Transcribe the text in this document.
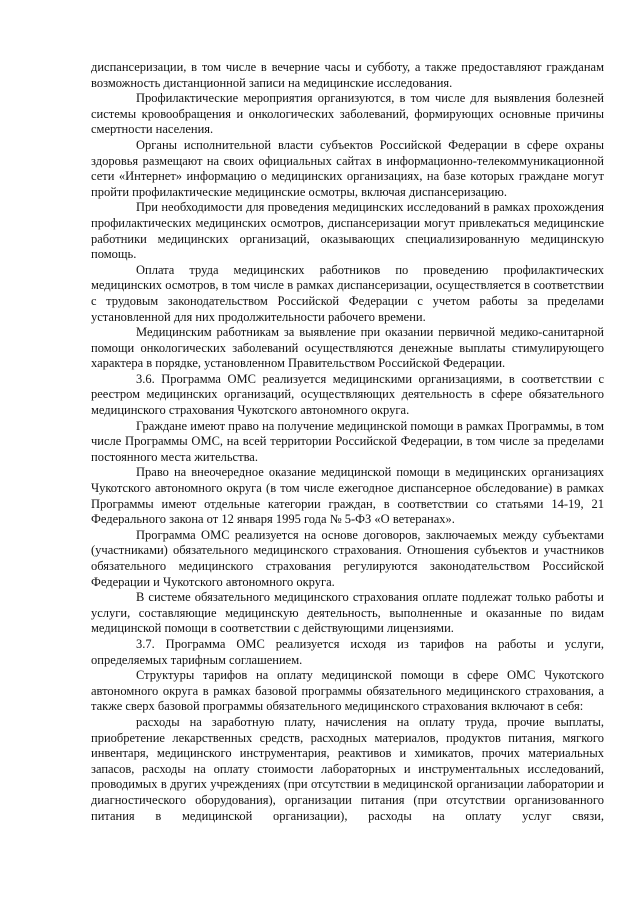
диспансеризации, в том числе в вечерние часы и субботу, а также предоставляют гражданам возможность дистанционной записи на медицинские исследования.

Профилактические мероприятия организуются, в том числе для выявления болезней системы кровообращения и онкологических заболеваний, формирующих основные причины смертности населения.

Органы исполнительной власти субъектов Российской Федерации в сфере охраны здоровья размещают на своих официальных сайтах в информационно-телекоммуникационной сети «Интернет» информацию о медицинских организациях, на базе которых граждане могут пройти профилактические медицинские осмотры, включая диспансеризацию.

При необходимости для проведения медицинских исследований в рамках прохождения профилактических медицинских осмотров, диспансеризации могут привлекаться медицинские работники медицинских организаций, оказывающих специализированную медицинскую помощь.

Оплата труда медицинских работников по проведению профилактических медицинских осмотров, в том числе в рамках диспансеризации, осуществляется в соответствии с трудовым законодательством Российской Федерации с учетом работы за пределами установленной для них продолжительности рабочего времени.

Медицинским работникам за выявление при оказании первичной медико-санитарной помощи онкологических заболеваний осуществляются денежные выплаты стимулирующего характера в порядке, установленном Правительством Российской Федерации.

3.6. Программа ОМС реализуется медицинскими организациями, в соответствии с реестром медицинских организаций, осуществляющих деятельность в сфере обязательного медицинского страхования Чукотского автономного округа.

Граждане имеют право на получение медицинской помощи в рамках Программы, в том числе Программы ОМС, на всей территории Российской Федерации, в том числе за пределами постоянного места жительства.

Право на внеочередное оказание медицинской помощи в медицинских организациях Чукотского автономного округа (в том числе ежегодное диспансерное обследование) в рамках Программы имеют отдельные категории граждан, в соответствии со статьями 14-19, 21 Федерального закона от 12 января 1995 года № 5-ФЗ «О ветеранах».

Программа ОМС реализуется на основе договоров, заключаемых между субъектами (участниками) обязательного медицинского страхования. Отношения субъектов и участников обязательного медицинского страхования регулируются законодательством Российской Федерации и Чукотского автономного округа.

В системе обязательного медицинского страхования оплате подлежат только работы и услуги, составляющие медицинскую деятельность, выполненные и оказанные по видам медицинской помощи в соответствии с действующими лицензиями.

3.7. Программа ОМС реализуется исходя из тарифов на работы и услуги, определяемых тарифным соглашением.

Структуры тарифов на оплату медицинской помощи в сфере ОМС Чукотского автономного округа в рамках базовой программы обязательного медицинского страхования, а также сверх базовой программы обязательного медицинского страхования включают в себя:

расходы на заработную плату, начисления на оплату труда, прочие выплаты, приобретение лекарственных средств, расходных материалов, продуктов питания, мягкого инвентаря, медицинского инструментария, реактивов и химикатов, прочих материальных запасов, расходы на оплату стоимости лабораторных и инструментальных исследований, проводимых в других учреждениях (при отсутствии в медицинской организации лаборатории и диагностического оборудования), организации питания (при отсутствии организованного питания в медицинской организации), расходы на оплату услуг связи,
